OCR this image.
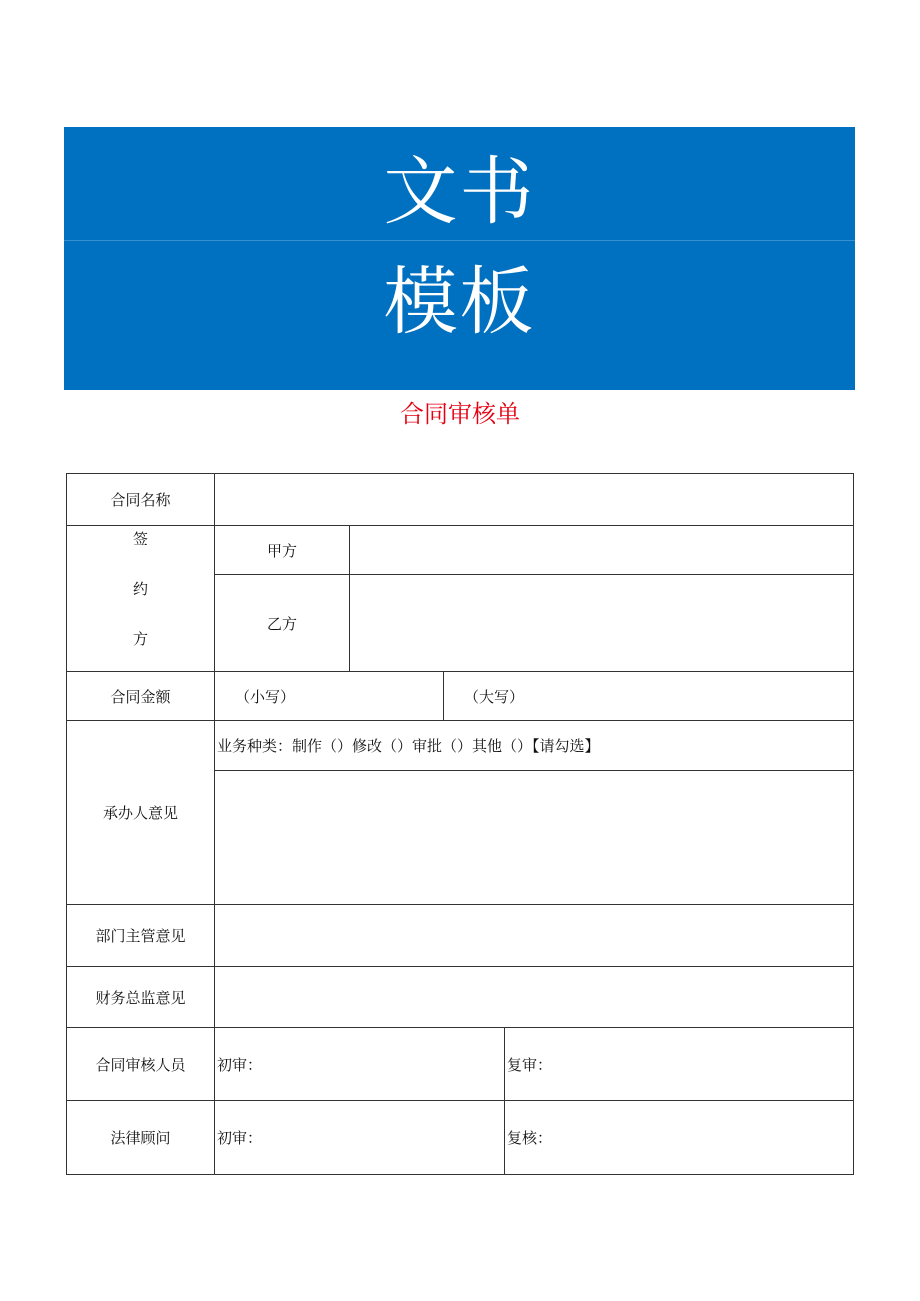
文书
模板
合同审核单
合同名称				

签
约
方	甲方			
	乙方			
合同金额	（小写）		（大写）	
承办人意见	业务种类：制作（）修改（）审批（）其他（）【请勾选】			

部门主管意见				
财务总监意见				
合同审核人员	初审：			复审：
法律顾问	初审：			复核：
